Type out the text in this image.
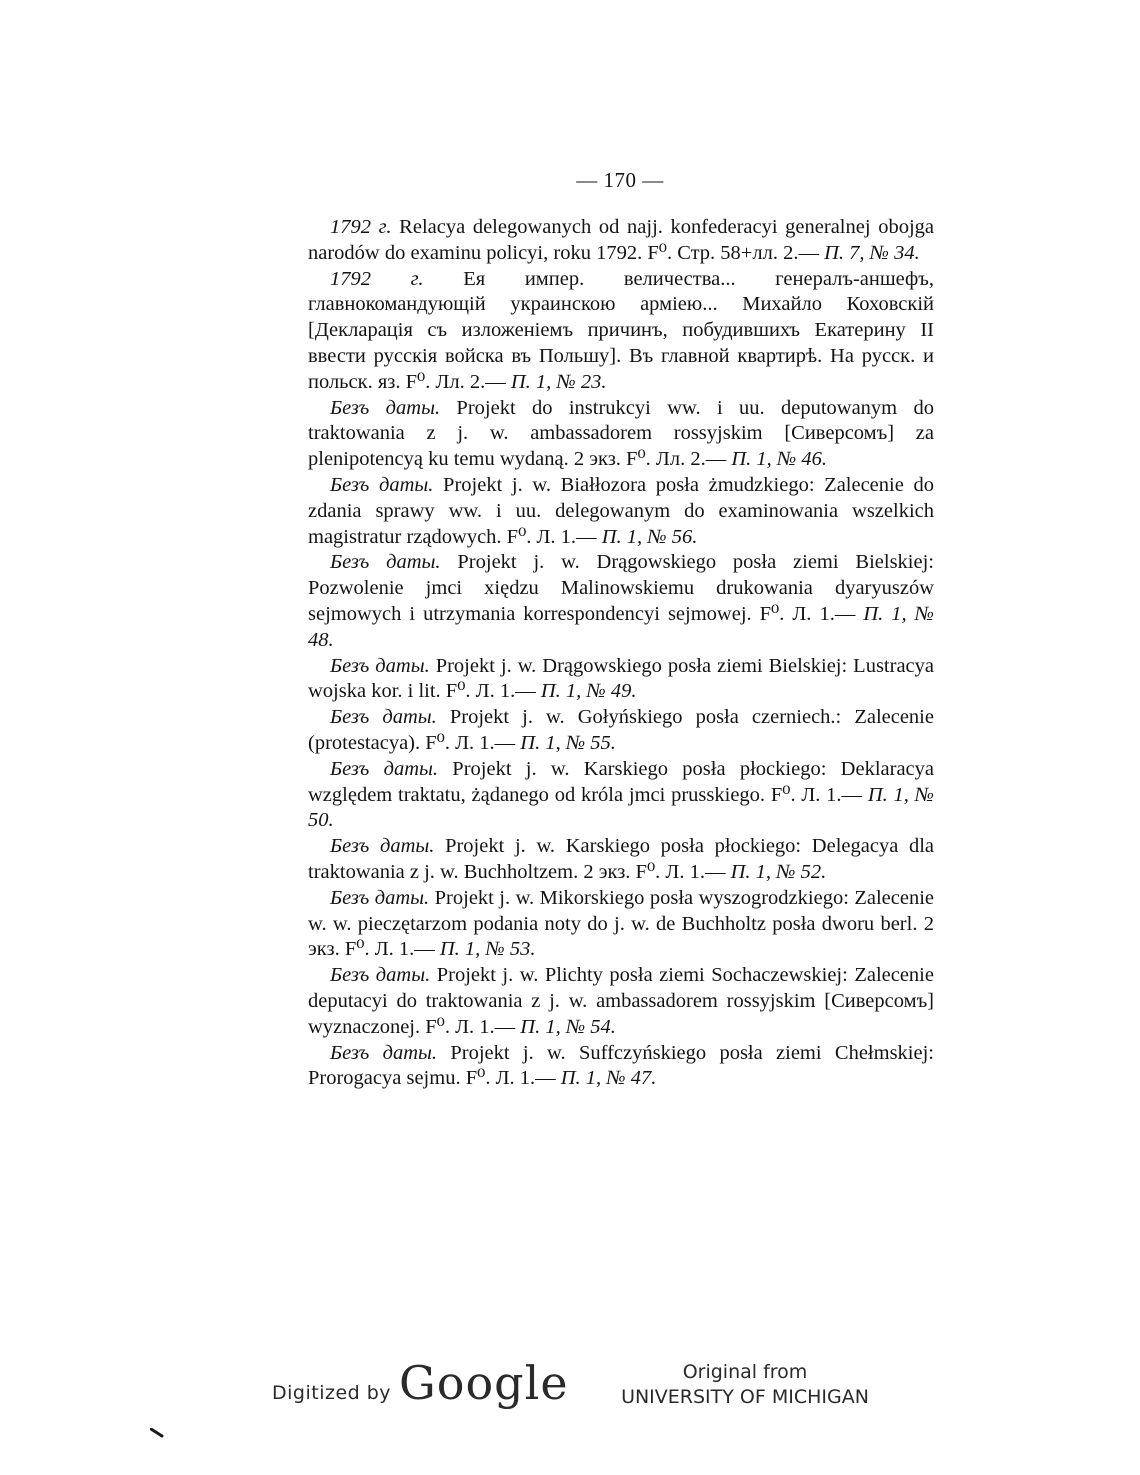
— 170 —

1792 г. Relacya delegowanych od najj. konfederacyi generalnej obojga narodów do examinu policyi, roku 1792. F⁰. Стр. 58+лл. 2.— П. 7, № 34.

1792 г. Ея импер. величества... генералъ-аншефъ, главнокомандующій украинскою арміею... Михайло Коховскій [Декларація съ изложеніемъ причинъ, побудившихъ Екатерину II ввести русскія войска въ Польшу]. Въ главной квартирѣ. На русск. и польск. яз. F⁰. Лл. 2.— П. 1, № 23.

Безъ даты. Projekt do instrukcyi ww. i uu. deputowanym do traktowania z j. w. ambassadorem rossyjskim [Сиверсомъ] za plenipotencyą ku temu wydaną. 2 экз. F⁰. Лл. 2.— П. 1, № 46.

Безъ даты. Projekt j. w. Białłozora posła żmudzkiego: Zalecenie do zdania sprawy ww. i uu. delegowanym do examinowania wszelkich magistratur rządowych. F⁰. Л. 1.— П. 1, № 56.

Безъ даты. Projekt j. w. Drągowskiego posła ziemi Bielskiej: Pozwolenie jmci xiędzu Malinowskiemu drukowania dyaryuszów sejmowych i utrzymania korrespondencyi sejmowej. F⁰. Л. 1.— П. 1, № 48.

Безъ даты. Projekt j. w. Drągowskiego posła ziemi Bielskiej: Lustracya wojska kor. i lit. F⁰. Л. 1.— П. 1, № 49.

Безъ даты. Projekt j. w. Gołyńskiego posła czerniech.: Zalecenie (protestacya). F⁰. Л. 1.— П. 1, № 55.

Безъ даты. Projekt j. w. Karskiego posła płockiego: Deklaracya względem traktatu, żądanego od króla jmci prusskiego. F⁰. Л. 1.— П. 1, № 50.

Безъ даты. Projekt j. w. Karskiego posła płockiego: Delegacya dla traktowania z j. w. Buchholtzem. 2 экз. F⁰. Л. 1.— П. 1, № 52.

Безъ даты. Projekt j. w. Mikorskiego posła wyszogrodzkiego: Zalecenie w. w. pieczętarzom podania noty do j. w. de Buchholtz posła dworu berl. 2 экз. F⁰. Л. 1.— П. 1, № 53.

Безъ даты. Projekt j. w. Plichty posła ziemi Sochaczewskiej: Zalecenie deputacyi do traktowania z j. w. ambassadorem rossyjskim [Сиверсомъ] wyznaczonej. F⁰. Л. 1.— П. 1, № 54.

Безъ даты. Projekt j. w. Suffczyńskiego posła ziemi Chełmskiej: Prorogacya sejmu. F⁰. Л. 1.— П. 1, № 47.

Digitized by Google	Original from
UNIVERSITY OF MICHIGAN
